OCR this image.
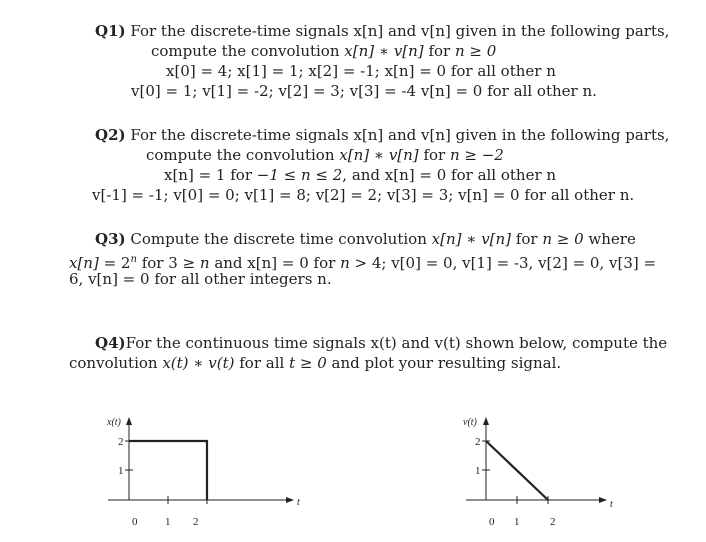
Q1) For the discrete-time signals x[n] and v[n] given in the following parts,
compute the convolution x[n] ∗ v[n] for n ≥ 0
x[0] = 4; x[1] = 1; x[2] = -1; x[n] = 0 for all other n
v[0] = 1; v[1] = -2; v[2] = 3; v[3] = -4 v[n] = 0 for all other n.
Q2) For the discrete-time signals x[n] and v[n] given in the following parts,
compute the convolution x[n] ∗ v[n] for n ≥ −2
x[n] = 1 for −1 ≤ n ≤ 2, and x[n] = 0 for all other n
v[-1] = -1; v[0] = 0; v[1] = 8; v[2] = 2; v[3] = 3; v[n] = 0 for all other n.
Q3) Compute the discrete time convolution x[n] ∗ v[n] for n ≥ 0 where
$x[n] = 2^n$ for 3 ≥ n and x[n] = 0 for n > 4; v[0] = 0, v[1] = -3, v[2] = 0, v[3] =
6, v[n] = 0 for all other integers n.
Q4)For the continuous time signals x(t) and v(t) shown below, compute the
convolution x(t) ∗ v(t) for all t ≥ 0 and plot your resulting signal.
x(t)
t
2
1
0	1 2
v(t)
t
2
1
0 1	2
